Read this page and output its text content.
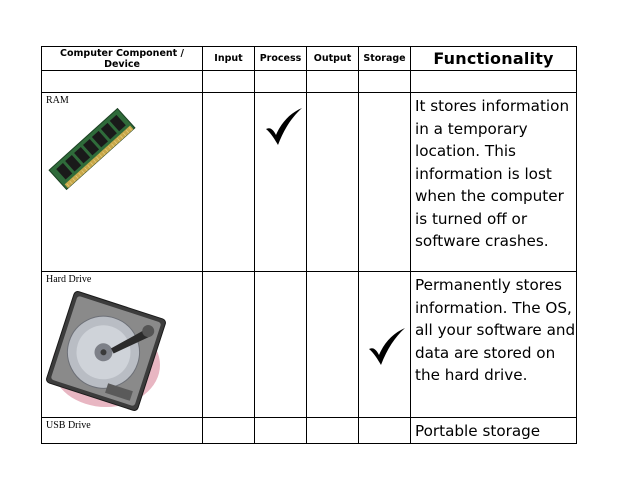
Computer Component / Device	Input	Process	Output	Storage	Functionality

RAM					It stores information in a temporary location. This information is lost when the computer is turned off or software crashes.

Hard Drive					Permanently stores information. The OS, all your software and data are stored on the hard drive.

USB Drive					Portable storage
